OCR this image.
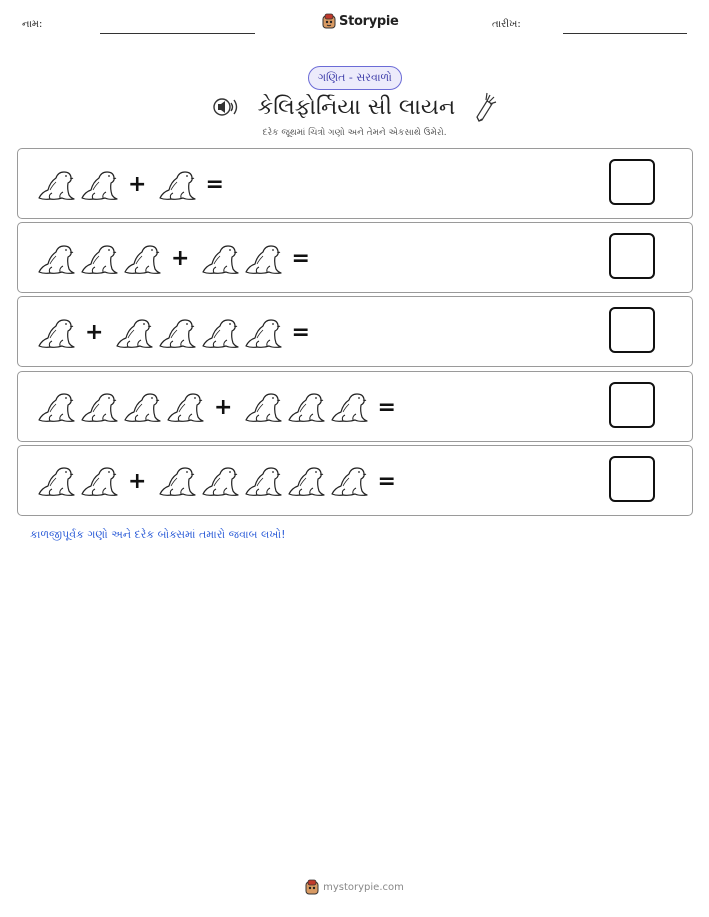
નામ:	Storypie	તારીખ:
ગણિત - સરવાળો
કેલિફોર્નિયા સી લાયન
દરેક જૂથમાં ચિત્રો ગણો અને તેમને એકસાથે ઉમેરો.
+	=
+	=
+	=
+	=
+	=
કાળજીપૂર્વક ગણો અને દરેક બોક્સમાં તમારો જવાબ લખો!
mystorypie.com
